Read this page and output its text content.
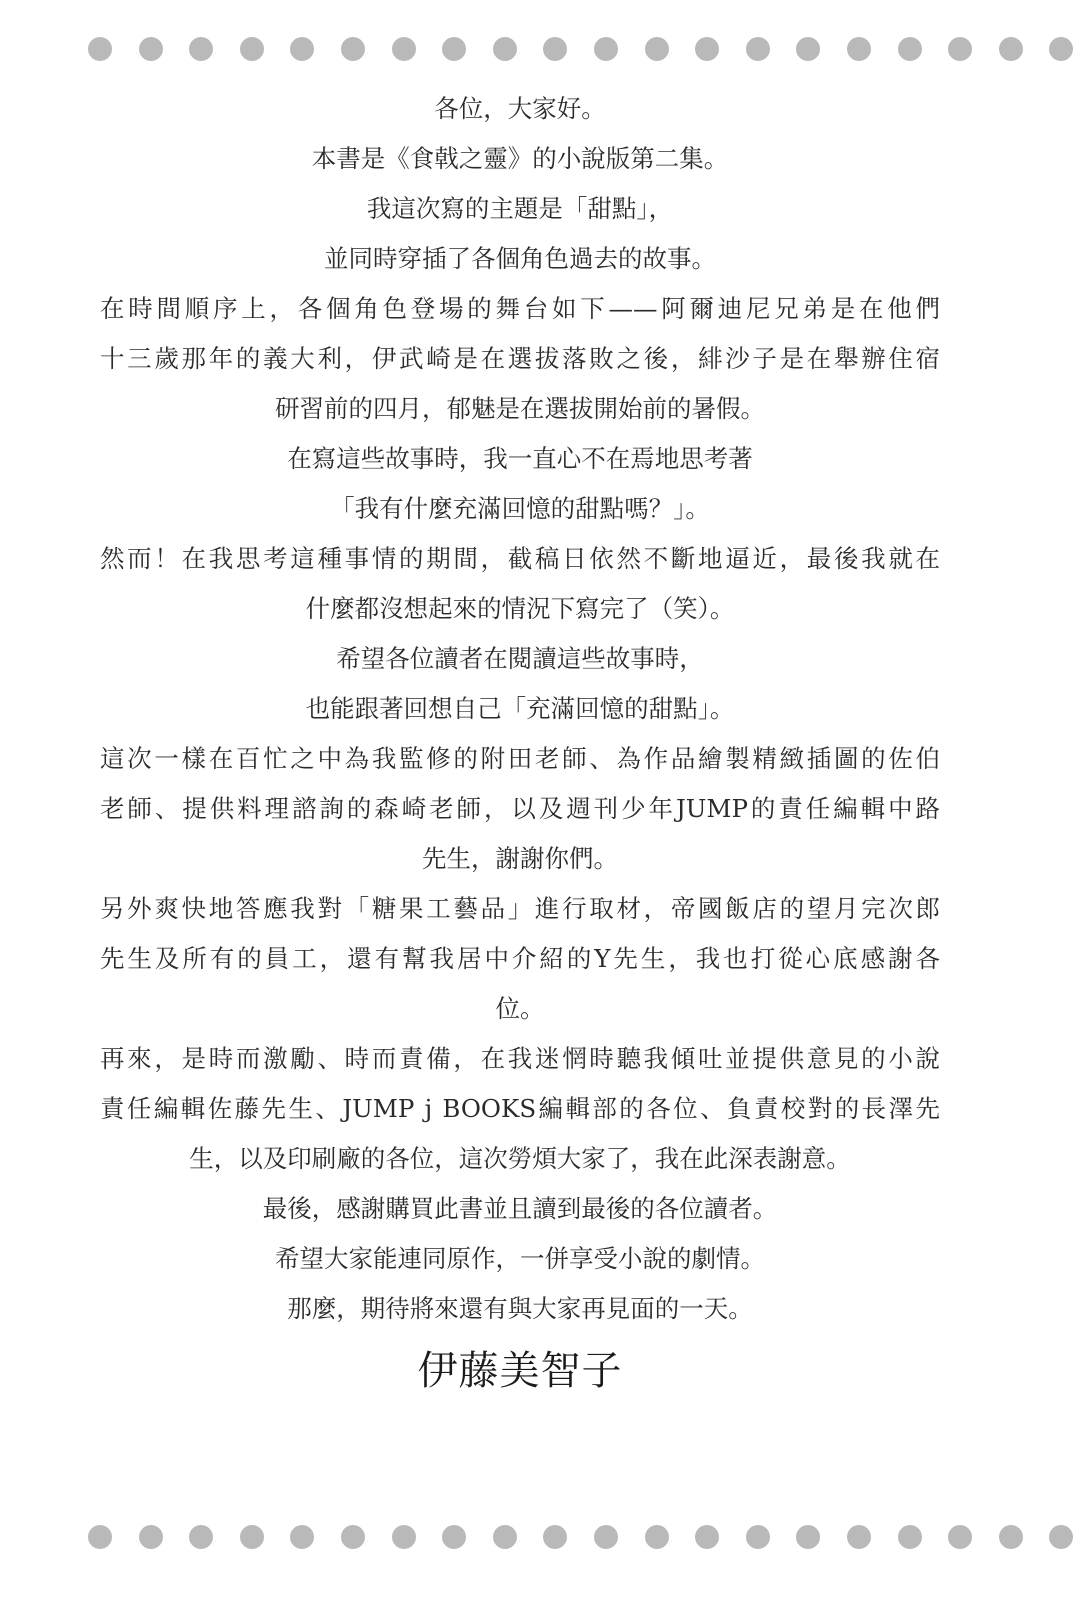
各位，大家好。
本書是《食戟之靈》的小說版第二集。
我這次寫的主題是「甜點」，
並同時穿插了各個角色過去的故事。
在時間順序上，各個角色登場的舞台如下——阿爾迪尼兄弟是在他們
十三歲那年的義大利，伊武崎是在選拔落敗之後，緋沙子是在舉辦住宿
研習前的四月，郁魅是在選拔開始前的暑假。
在寫這些故事時，我一直心不在焉地思考著
「我有什麼充滿回憶的甜點嗎？」。
然而！在我思考這種事情的期間，截稿日依然不斷地逼近，最後我就在
什麼都沒想起來的情況下寫完了（笑）。
希望各位讀者在閱讀這些故事時，
也能跟著回想自己「充滿回憶的甜點」。
這次一樣在百忙之中為我監修的附田老師、為作品繪製精緻插圖的佐伯
老師、提供料理諮詢的森崎老師，以及週刊少年JUMP的責任編輯中路
先生，謝謝你們。
另外爽快地答應我對「糖果工藝品」進行取材，帝國飯店的望月完次郎
先生及所有的員工，還有幫我居中介紹的Y先生，我也打從心底感謝各
位。
再來，是時而激勵、時而責備，在我迷惘時聽我傾吐並提供意見的小說
責任編輯佐藤先生、JUMP j BOOKS編輯部的各位、負責校對的長澤先
生，以及印刷廠的各位，這次勞煩大家了，我在此深表謝意。
最後，感謝購買此書並且讀到最後的各位讀者。
希望大家能連同原作，一併享受小說的劇情。
那麼，期待將來還有與大家再見面的一天。
伊藤美智子
